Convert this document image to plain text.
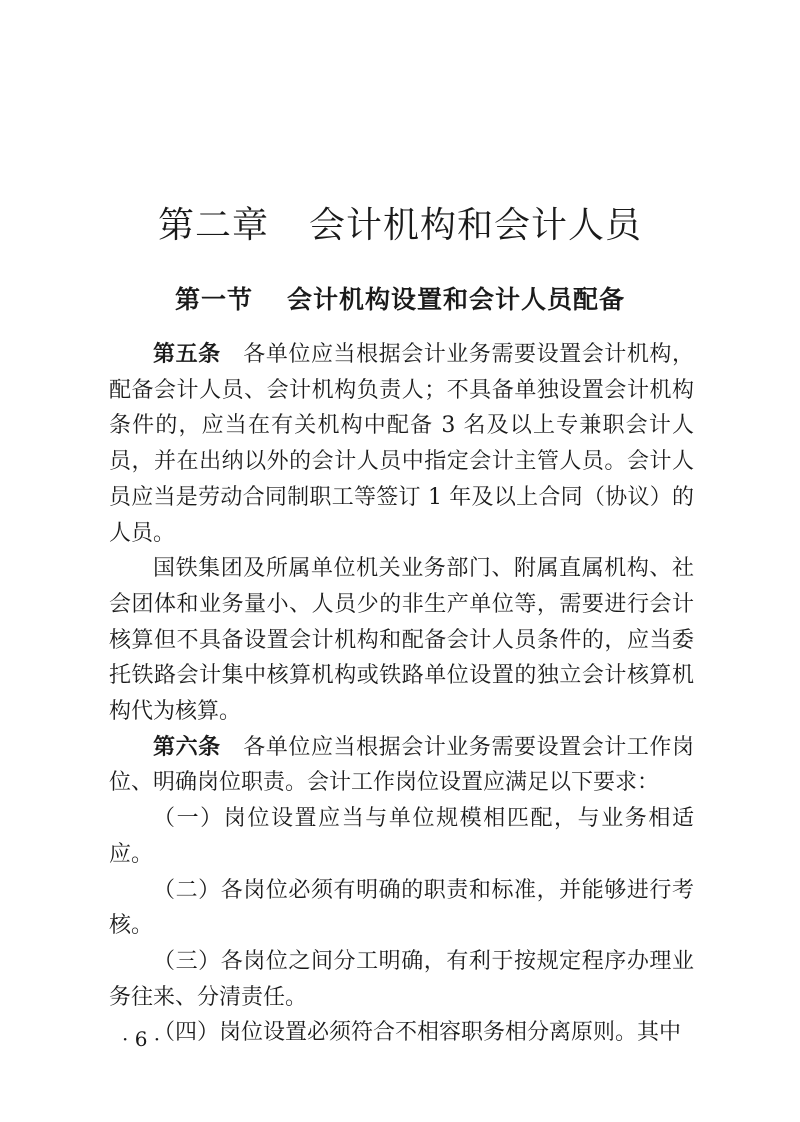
第二章 会计机构和会计人员
第一节 会计机构设置和会计人员配备

第五条 各单位应当根据会计业务需要设置会计机构，配备会计人员、会计机构负责人；不具备单独设置会计机构条件的，应当在有关机构中配备 3 名及以上专兼职会计人员，并在出纳以外的会计人员中指定会计主管人员。会计人员应当是劳动合同制职工等签订 1 年及以上合同（协议）的人员。

国铁集团及所属单位机关业务部门、附属直属机构、社会团体和业务量小、人员少的非生产单位等，需要进行会计核算但不具备设置会计机构和配备会计人员条件的，应当委托铁路会计集中核算机构或铁路单位设置的独立会计核算机构代为核算。

第六条 各单位应当根据会计业务需要设置会计工作岗位、明确岗位职责。会计工作岗位设置应满足以下要求：

（一）岗位设置应当与单位规模相匹配，与业务相适应。

（二）各岗位必须有明确的职责和标准，并能够进行考核。

（三）各岗位之间分工明确，有利于按规定程序办理业务往来、分清责任。

（四）岗位设置必须符合不相容职务相分离原则。其中

· 6 ·
